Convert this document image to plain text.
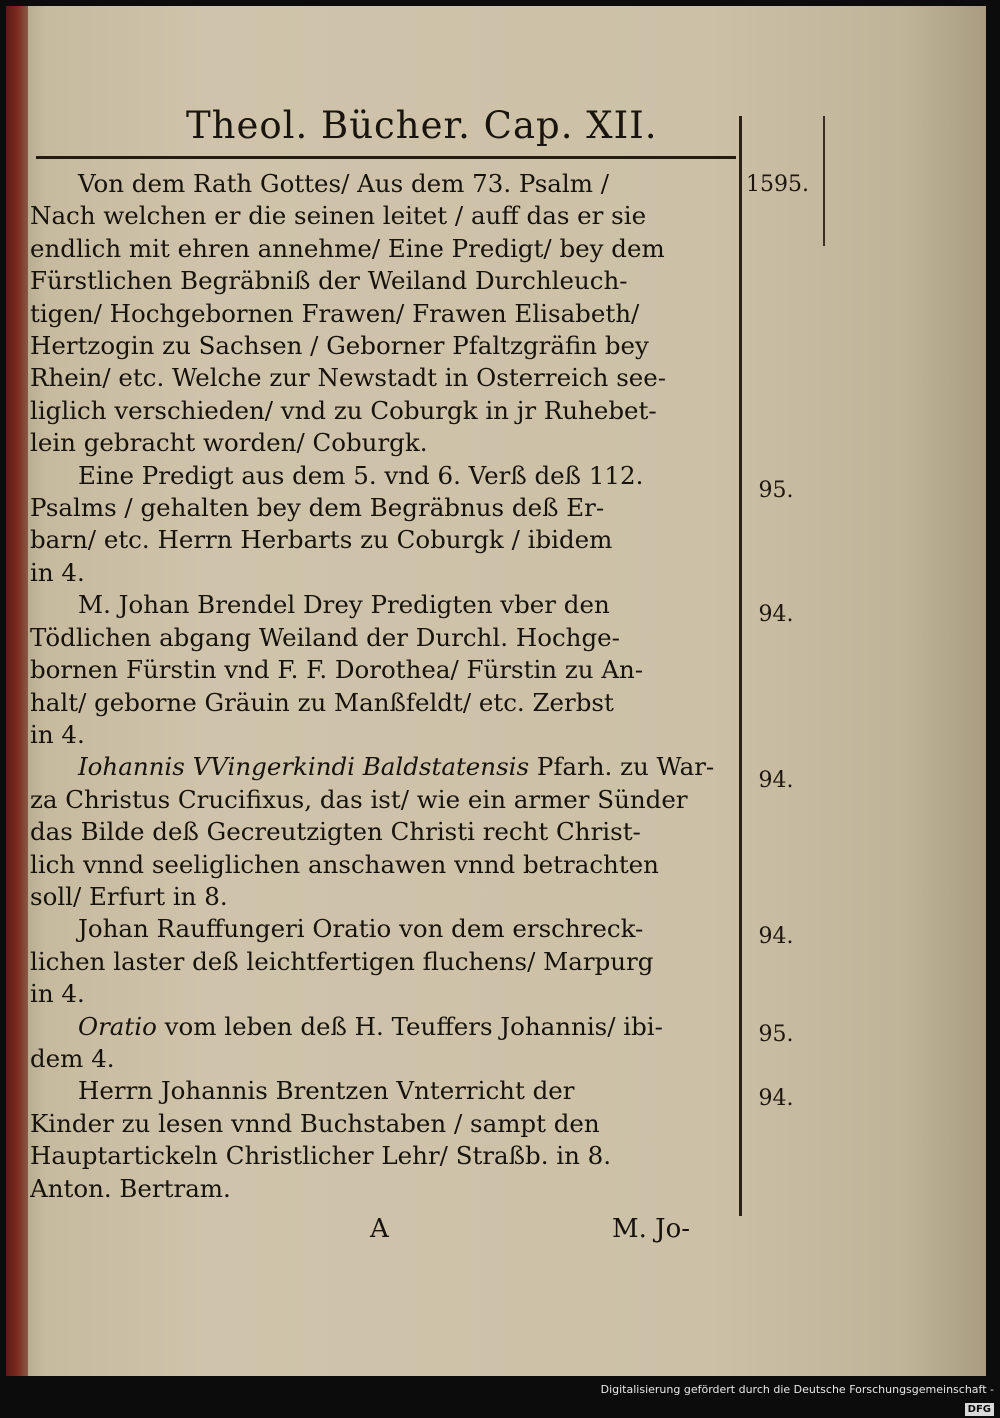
Theol. Bücher. Cap. XII.
Von dem Rath Gottes/ Aus dem 73. Psalm /
Nach welchen er die seinen leitet / auff das er sie
endlich mit ehren annehme/ Eine Predigt/ bey dem
Fürstlichen Begräbniß der Weiland Durchleuch-
tigen/ Hochgebornen Frawen/ Frawen Elisabeth/
Hertzogin zu Sachsen / Geborner Pfaltzgräfin bey
Rhein/ etc. Welche zur Newstadt in Osterreich see-
liglich verschieden/ vnd zu Coburgk in jr Ruhebet-
lein gebracht worden/ Coburgk.
Eine Predigt aus dem 5. vnd 6. Verß deß 112.
Psalms / gehalten bey dem Begräbnus deß Er-
barn/ etc. Herrn Herbarts zu Coburgk / ibidem
in 4.
M. Johan Brendel Drey Predigten vber den
Tödlichen abgang Weiland der Durchl. Hochge-
bornen Fürstin vnd F. F. Dorothea/ Fürstin zu An-
halt/ geborne Gräuin zu Manßfeldt/ etc. Zerbst
in 4.
Iohannis VVingerkindi Baldstatensis Pfarh. zu War-
za Christus Crucifixus, das ist/ wie ein armer Sünder
das Bilde deß Gecreutzigten Christi recht Christ-
lich vnnd seeliglichen anschawen vnnd betrachten
soll/ Erfurt in 8.
Johan Rauffungeri Oratio von dem erschreck-
lichen laster deß leichtfertigen fluchens/ Marpurg
in 4.
Oratio vom leben deß H. Teuffers Johannis/ ibi-
dem 4.
Herrn Johannis Brentzen Vnterricht der
Kinder zu lesen vnnd Buchstaben / sampt den
Hauptartickeln Christlicher Lehr/ Straßb. in 8.
Anton. Bertram.
1595.
95.
94.
94.
94.
95.
94.
A	M. Jo-
Digitalisierung gefördert durch die Deutsche Forschungsgemeinschaft -DFG
